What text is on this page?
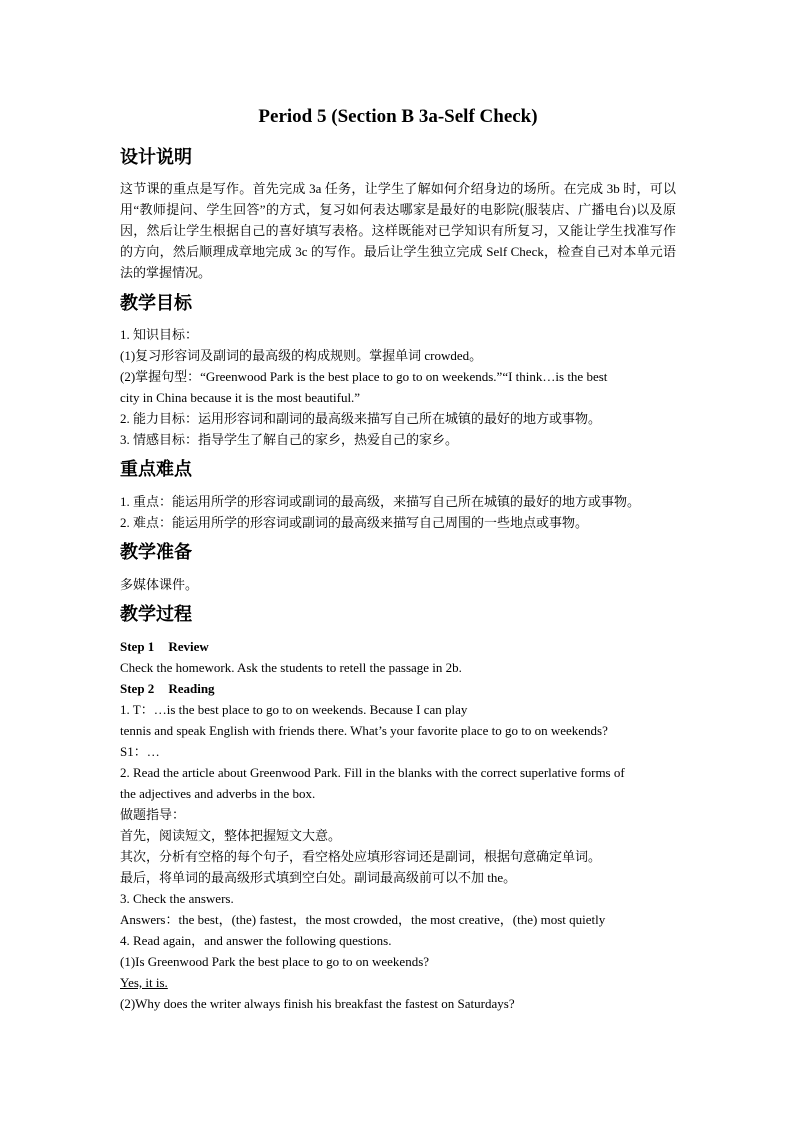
Period 5 (Section B 3a-Self Check)
设计说明
这节课的重点是写作。首先完成 3a 任务，让学生了解如何介绍身边的场所。在完成 3b 时，可以用“教师提问、学生回答”的方式，复习如何表达哪家是最好的电影院(服装店、广播电台)以及原因，然后让学生根据自己的喜好填写表格。这样既能对已学知识有所复习，又能让学生找准写作的方向，然后顺理成章地完成 3c 的写作。最后让学生独立完成 Self Check，检查自己对本单元语法的掌握情况。
教学目标
1. 知识目标：
(1)复习形容词及副词的最高级的构成规则。掌握单词 crowded。
(2)掌握句型：“Greenwood Park is the best place to go to on weekends.”“I think…is the best
city in China because it is the most beautiful.”
2. 能力目标：运用形容词和副词的最高级来描写自己所在城镇的最好的地方或事物。
3. 情感目标：指导学生了解自己的家乡，热爱自己的家乡。
重点难点
1. 重点：能运用所学的形容词或副词的最高级，来描写自己所在城镇的最好的地方或事物。
2. 难点：能运用所学的形容词或副词的最高级来描写自己周围的一些地点或事物。
教学准备
多媒体课件。
教学过程
Step 1 Review
Check the homework. Ask the students to retell the passage in 2b.
Step 2 Reading
1. T：…is the best place to go to on weekends. Because I can play
tennis and speak English with friends there. What’s your favorite place to go to on weekends?
S1：…
2. Read the article about Greenwood Park. Fill in the blanks with the correct superlative forms of
the adjectives and adverbs in the box.
做题指导：
首先，阅读短文，整体把握短文大意。
其次，分析有空格的每个句子，看空格处应填形容词还是副词，根据句意确定单词。
最后，将单词的最高级形式填到空白处。副词最高级前可以不加 the。
3. Check the answers.
Answers：the best，(the) fastest，the most crowded，the most creative，(the) most quietly
4. Read again，and answer the following questions.
(1)Is Greenwood Park the best place to go to on weekends?
Yes, it is.
(2)Why does the writer always finish his breakfast the fastest on Saturdays?
